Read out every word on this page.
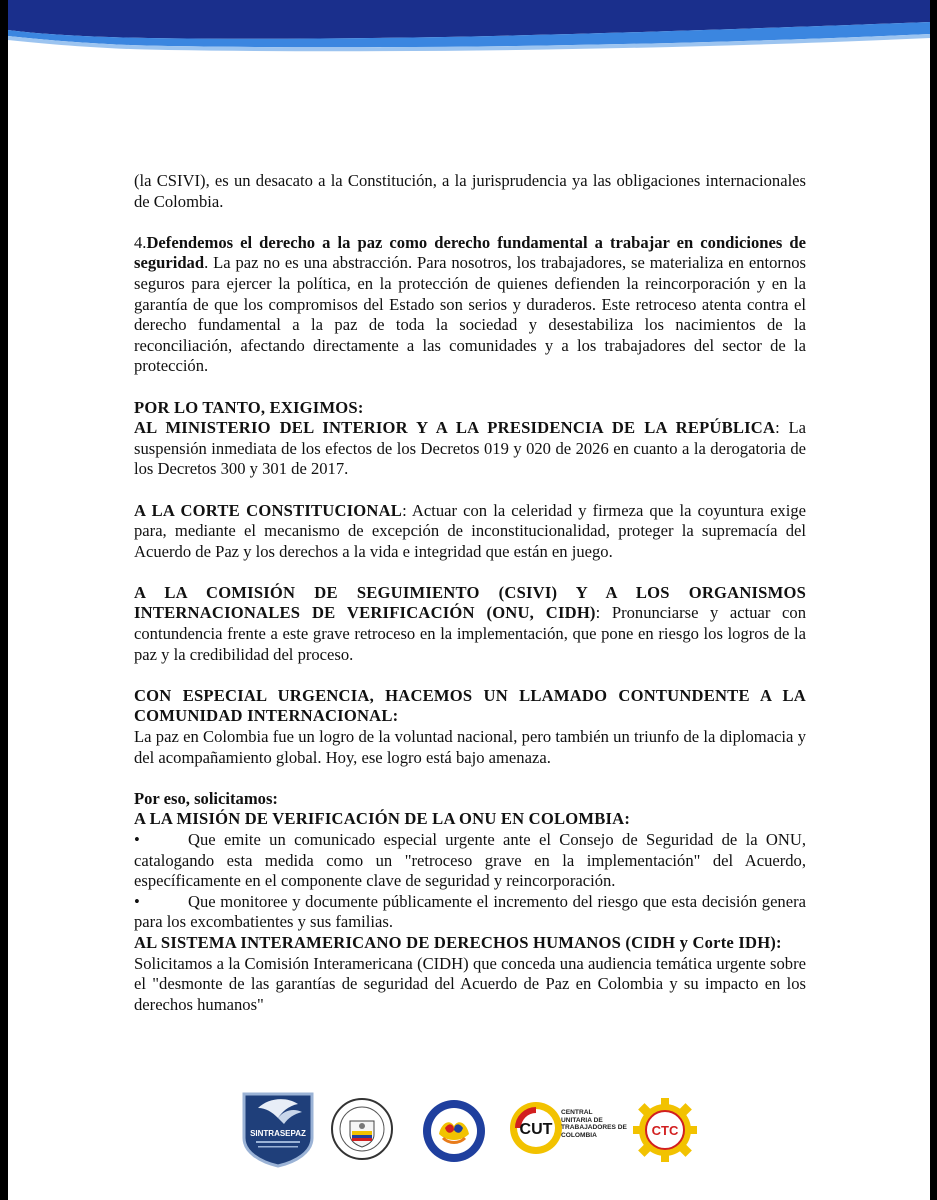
(la CSIVI), es un desacato a la Constitución, a la jurisprudencia ya las obligaciones internacionales de Colombia.

4.Defendemos el derecho a la paz como derecho fundamental a trabajar en condiciones de seguridad. La paz no es una abstracción. Para nosotros, los trabajadores, se materializa en entornos seguros para ejercer la política, en la protección de quienes defienden la reincorporación y en la garantía de que los compromisos del Estado son serios y duraderos. Este retroceso atenta contra el derecho fundamental a la paz de toda la sociedad y desestabiliza los nacimientos de la reconciliación, afectando directamente a las comunidades y a los trabajadores del sector de la protección.

POR LO TANTO, EXIGIMOS:

AL MINISTERIO DEL INTERIOR Y A LA PRESIDENCIA DE LA REPÚBLICA: La suspensión inmediata de los efectos de los Decretos 019 y 020 de 2026 en cuanto a la derogatoria de los Decretos 300 y 301 de 2017.

A LA CORTE CONSTITUCIONAL: Actuar con la celeridad y firmeza que la coyuntura exige para, mediante el mecanismo de excepción de inconstitucionalidad, proteger la supremacía del Acuerdo de Paz y los derechos a la vida e integridad que están en juego.

A LA COMISIÓN DE SEGUIMIENTO (CSIVI) Y A LOS ORGANISMOS INTERNACIONALES DE VERIFICACIÓN (ONU, CIDH): Pronunciarse y actuar con contundencia frente a este grave retroceso en la implementación, que pone en riesgo los logros de la paz y la credibilidad del proceso.

CON ESPECIAL URGENCIA, HACEMOS UN LLAMADO CONTUNDENTE A LA COMUNIDAD INTERNACIONAL:

La paz en Colombia fue un logro de la voluntad nacional, pero también un triunfo de la diplomacia y del acompañamiento global. Hoy, ese logro está bajo amenaza.

Por eso, solicitamos:

A LA MISIÓN DE VERIFICACIÓN DE LA ONU EN COLOMBIA:

•	Que emite un comunicado especial urgente ante el Consejo de Seguridad de la ONU, catalogando esta medida como un "retroceso grave en la implementación" del Acuerdo, específicamente en el componente clave de seguridad y reincorporación.

•	Que monitoree y documente públicamente el incremento del riesgo que esta decisión genera para los excombatientes y sus familias.

AL SISTEMA INTERAMERICANO DE DERECHOS HUMANOS (CIDH y Corte IDH):

Solicitamos a la Comisión Interamericana (CIDH) que conceda una audiencia temática urgente sobre el "desmonte de las garantías de seguridad del Acuerdo de Paz en Colombia y su impacto en los derechos humanos"

SINTRASEPAZ	CUT
CENTRAL
UNITARIA DE
TRABAJADORES DE
COLOMBIA	CTC
